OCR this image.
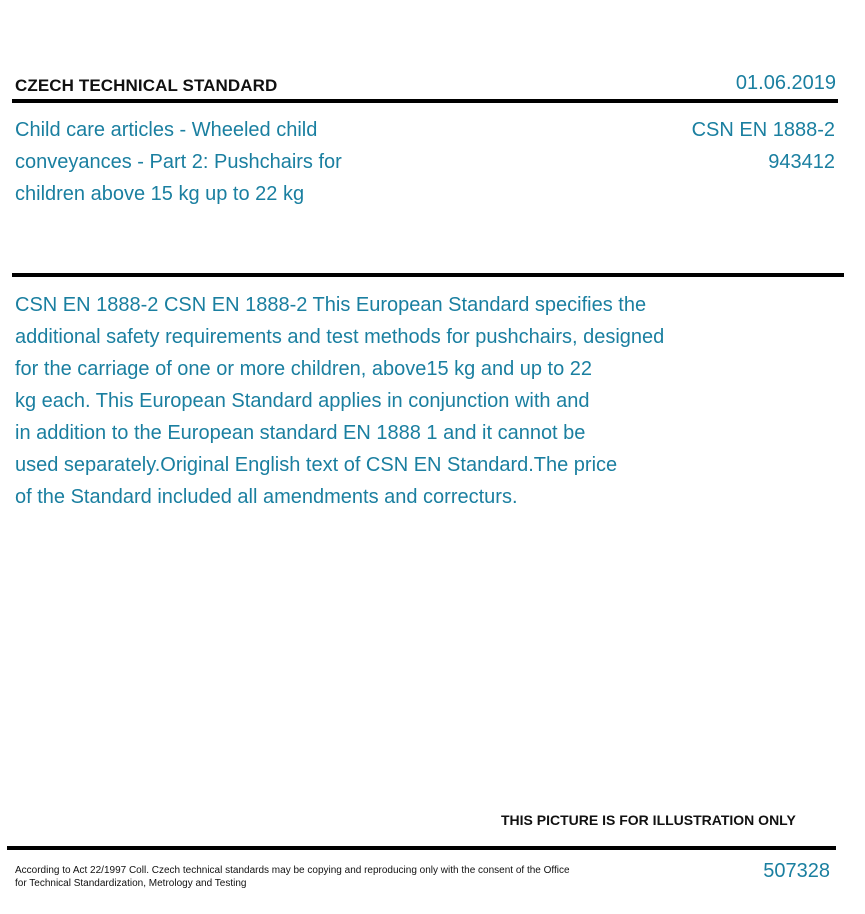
CZECH TECHNICAL STANDARD	01.06.2019
Child care articles - Wheeled child conveyances - Part 2: Pushchairs for children above 15 kg up to 22 kg
CSN EN 1888-2
943412
CSN EN 1888-2 CSN EN 1888-2 This European Standard specifies the
additional safety requirements and test methods for pushchairs, designed
for the carriage of one or more children, above15 kg and up to 22
kg each. This European Standard applies in conjunction with and
in addition to the European standard EN 1888 1 and it cannot be
used separately.Original English text of CSN EN Standard.The price
of the Standard included all amendments and correcturs.
THIS PICTURE IS FOR ILLUSTRATION ONLY
According to Act 22/1997 Coll. Czech technical standards may be copying and reproducing only with the consent of the Office for Technical Standardization, Metrology and Testing
507328
